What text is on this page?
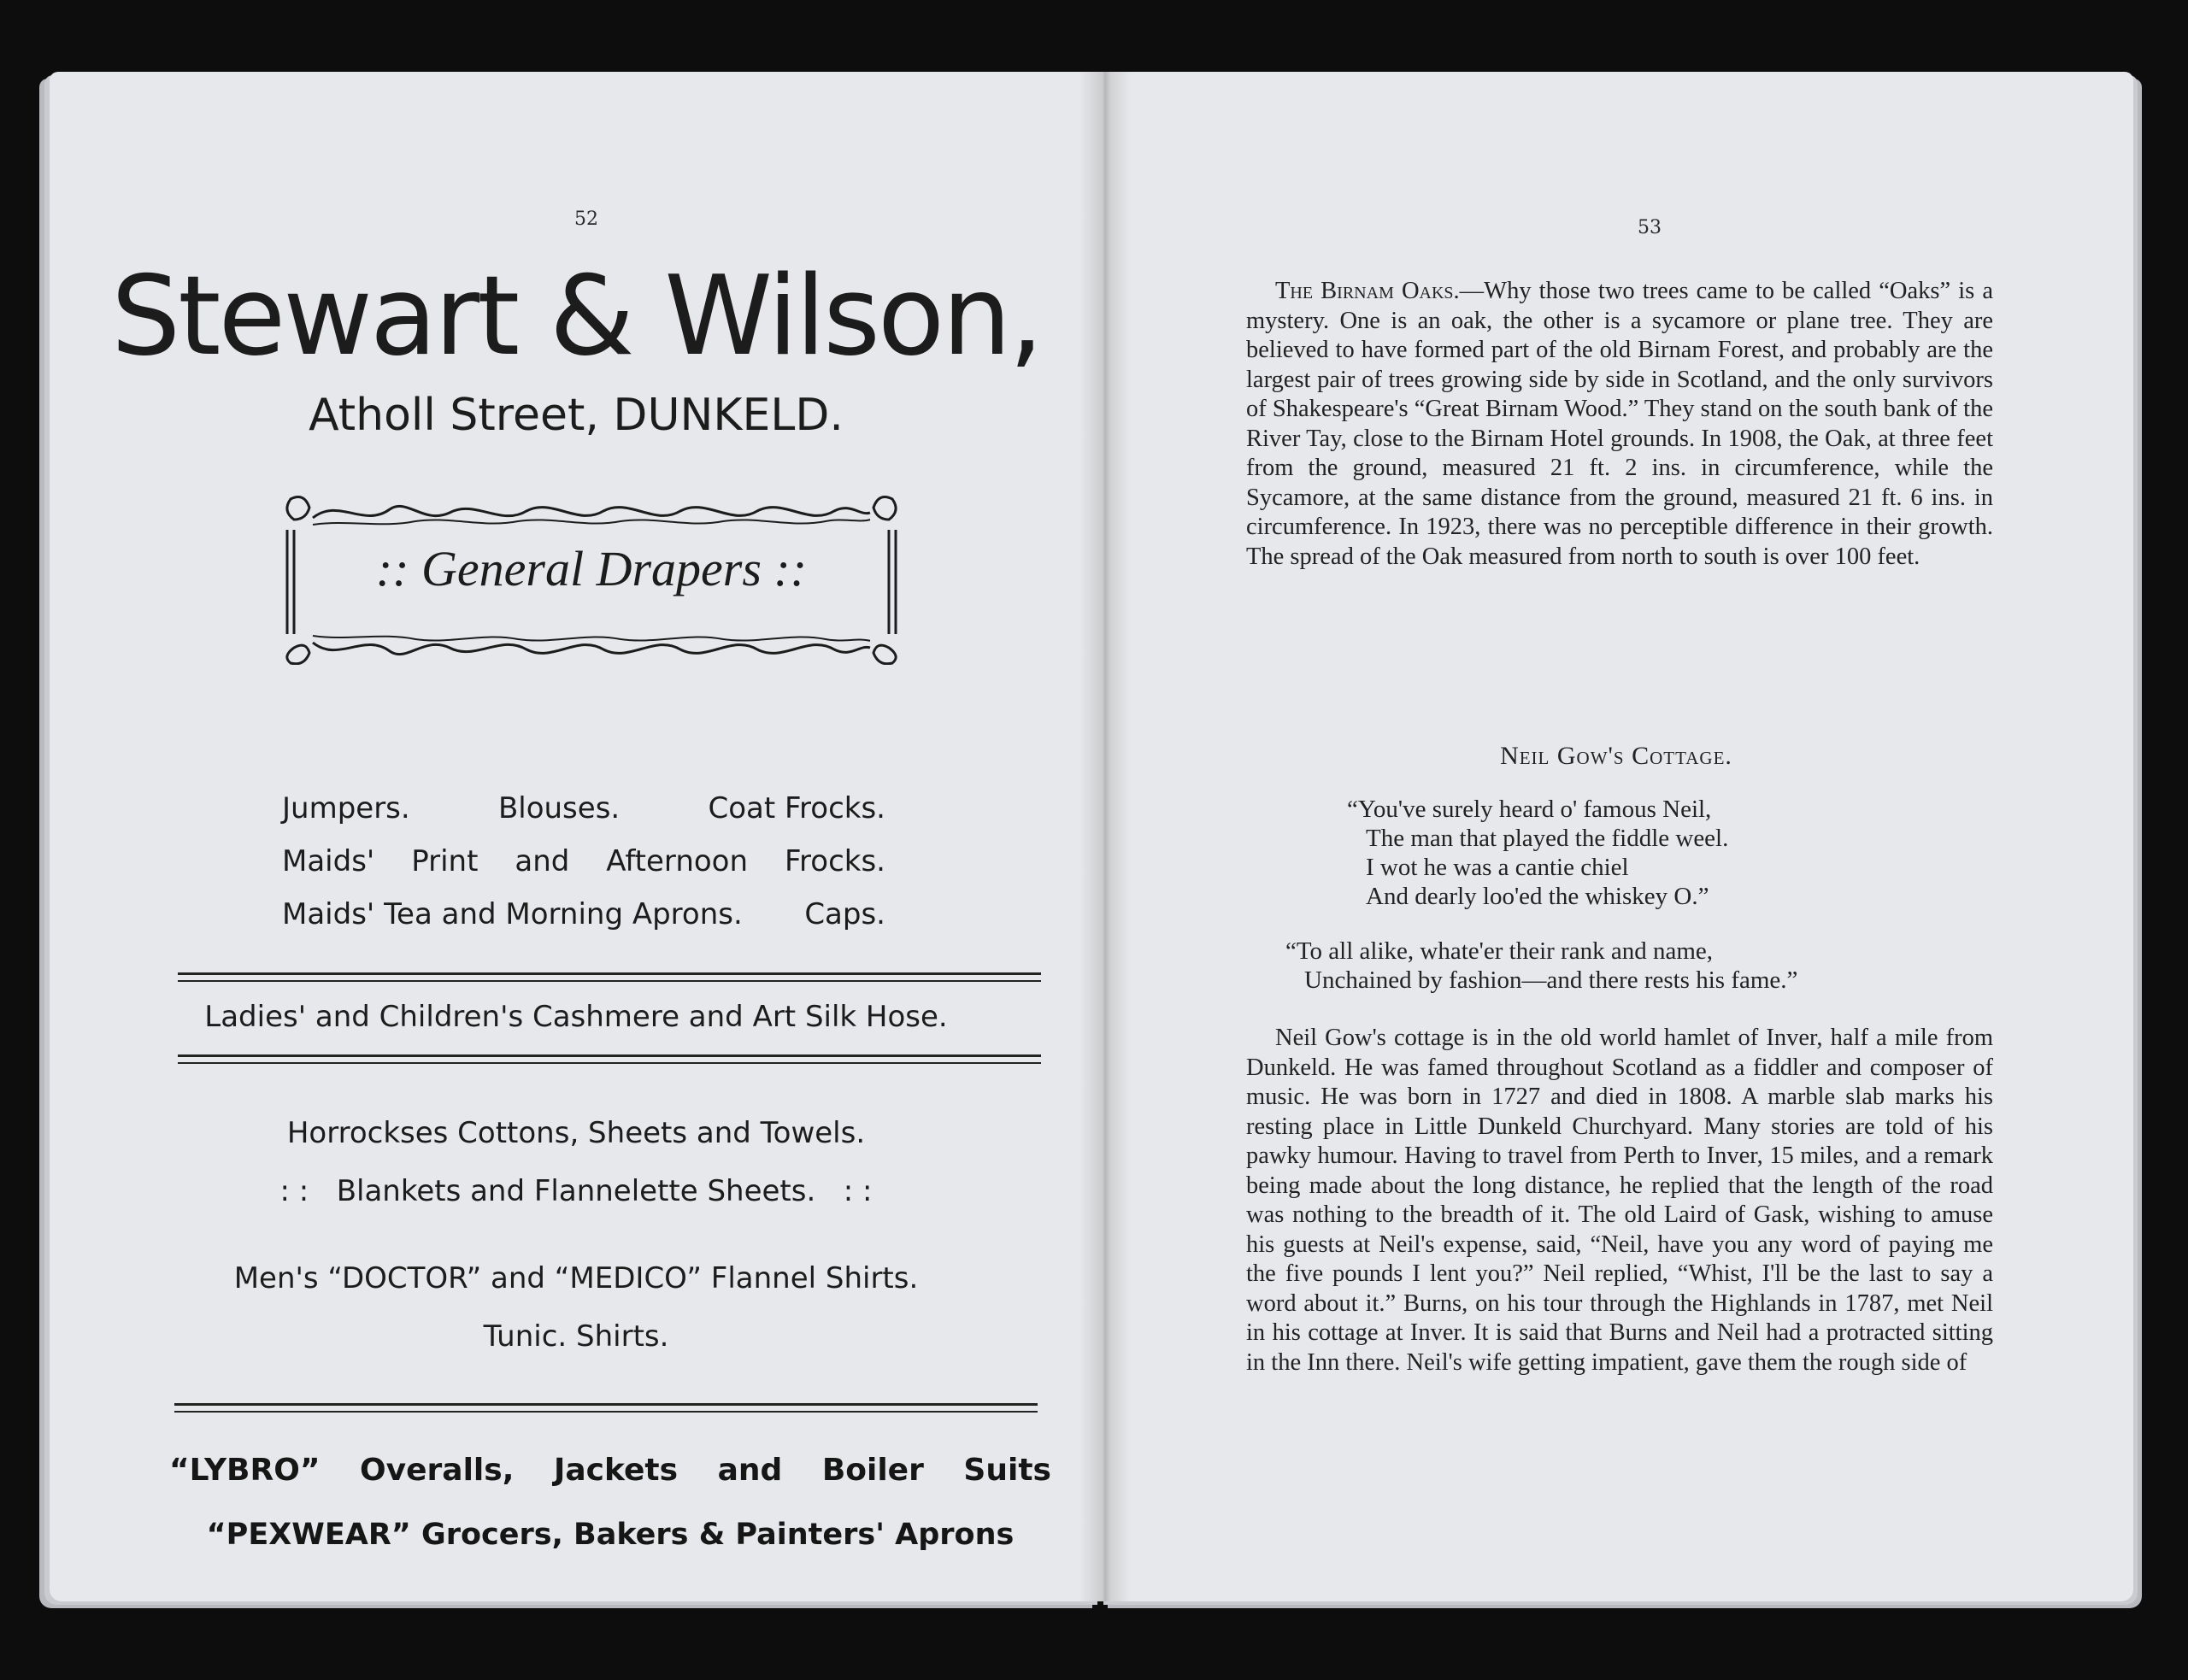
52
Stewart & Wilson,
Atholl Street, DUNKELD.
:: General Drapers ::
Jumpers.	Blouses.	Coat Frocks.
Maids' Print and Afternoon Frocks.
Maids' Tea and Morning Aprons. Caps.
Ladies' and Children's Cashmere and Art Silk Hose.
Horrockses Cottons, Sheets and Towels.
: :   Blankets and Flannelette Sheets.   : :
Men's “DOCTOR” and “MEDICO” Flannel Shirts.
Tunic. Shirts.
“LYBRO” Overalls, Jackets and Boiler Suits
“PEXWEAR” Grocers, Bakers & Painters' Aprons
53
The Birnam Oaks.—Why those two trees came to be called “Oaks” is a mystery. One is an oak, the other is a sycamore or plane tree. They are believed to have formed part of the old Birnam Forest, and probably are the largest pair of trees growing side by side in Scotland, and the only survivors of Shakespeare's “Great Birnam Wood.” They stand on the south bank of the River Tay, close to the Birnam Hotel grounds. In 1908, the Oak, at three feet from the ground, measured 21 ft. 2 ins. in circumference, while the Sycamore, at the same distance from the ground, measured 21 ft. 6 ins. in circumference. In 1923, there was no perceptible difference in their growth. The spread of the Oak measured from north to south is over 100 feet.
Neil Gow's Cottage.
“You've surely heard o' famous Neil,
The man that played the fiddle weel.
I wot he was a cantie chiel
And dearly loo'ed the whiskey O.”
“To all alike, whate'er their rank and name,
Unchained by fashion—and there rests his fame.”
Neil Gow's cottage is in the old world hamlet of Inver, half a mile from Dunkeld. He was famed throughout Scotland as a fiddler and composer of music. He was born in 1727 and died in 1808. A marble slab marks his resting place in Little Dunkeld Churchyard. Many stories are told of his pawky humour. Having to travel from Perth to Inver, 15 miles, and a remark being made about the long distance, he replied that the length of the road was nothing to the breadth of it. The old Laird of Gask, wishing to amuse his guests at Neil's expense, said, “Neil, have you any word of paying me the five pounds I lent you?” Neil replied, “Whist, I'll be the last to say a word about it.” Burns, on his tour through the Highlands in 1787, met Neil in his cottage at Inver. It is said that Burns and Neil had a protracted sitting in the Inn there. Neil's wife getting impatient, gave them the rough side of
